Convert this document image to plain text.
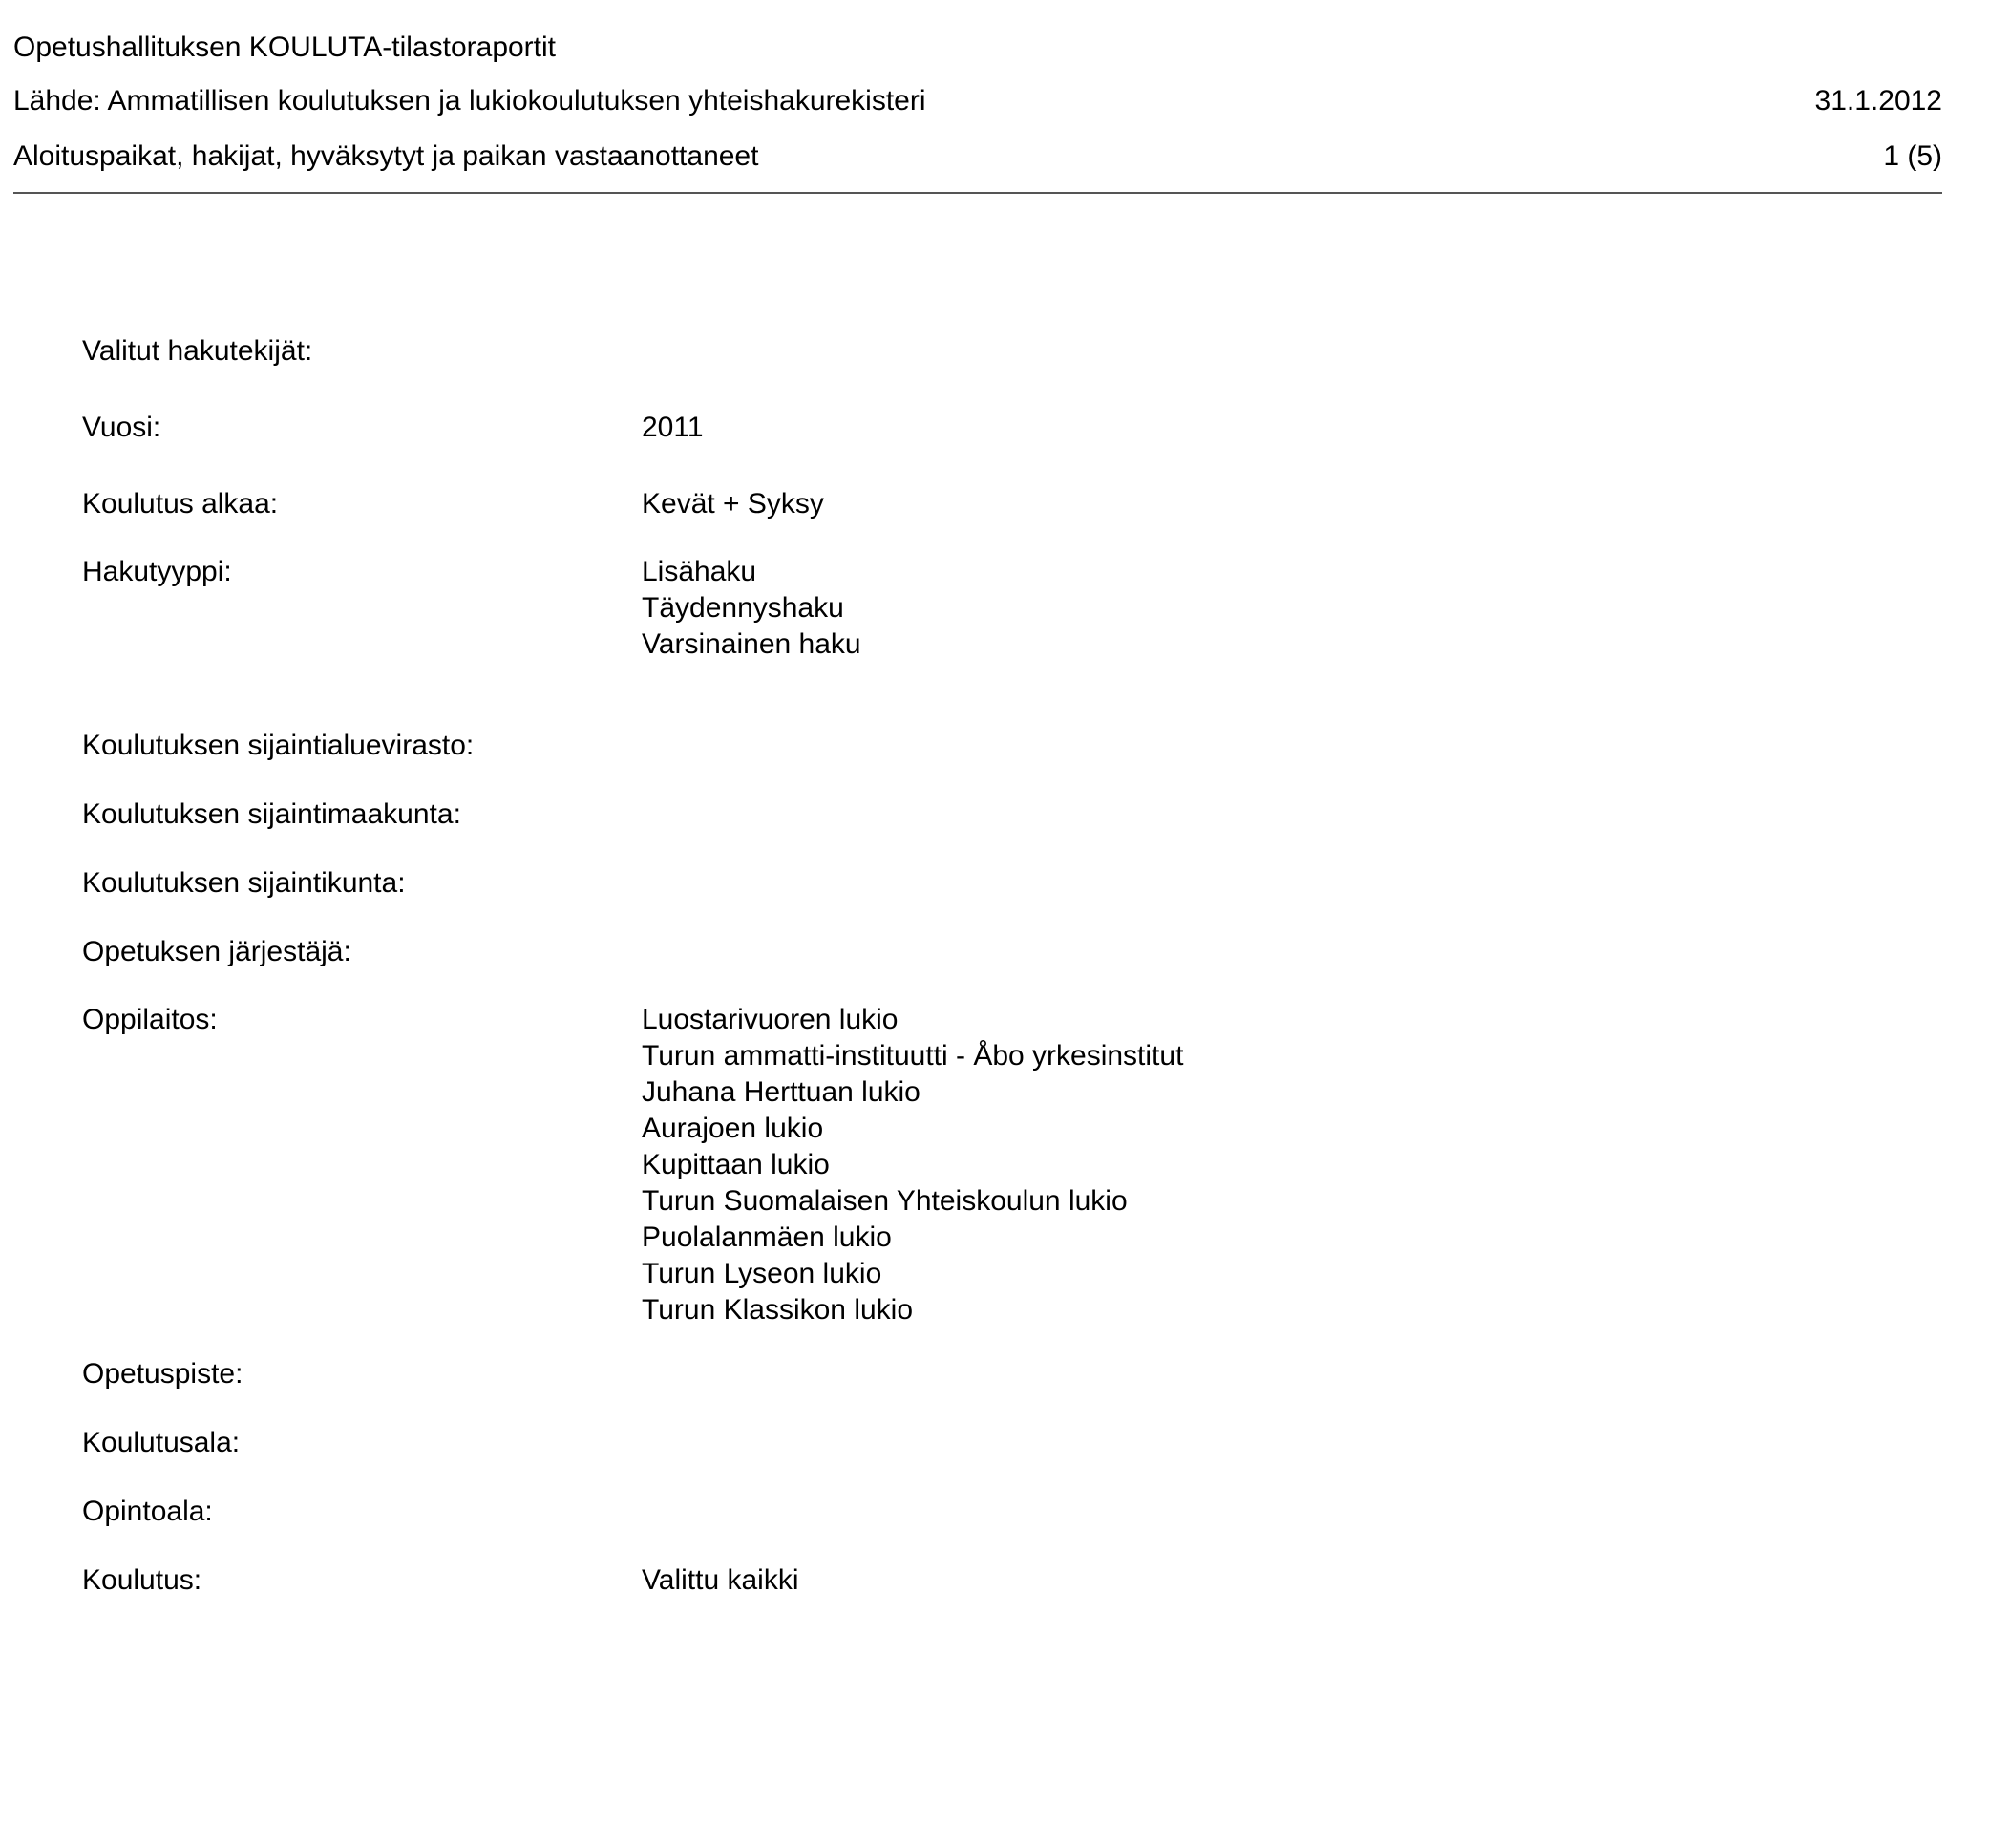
Opetushallituksen KOULUTA-tilastoraportit
Lähde: Ammatillisen koulutuksen ja lukiokoulutuksen yhteishakurekisteri	31.1.2012
Aloituspaikat, hakijat, hyväksytyt ja paikan vastaanottaneet	1 (5)
Valitut hakutekijät:
Vuosi:	2011
Koulutus alkaa:	Kevät + Syksy
Hakutyyppi:	Lisähaku
Täydennyshaku
Varsinainen haku
Koulutuksen sijaintialuevirasto:
Koulutuksen sijaintimaakunta:
Koulutuksen sijaintikunta:
Opetuksen järjestäjä:
Oppilaitos:	Luostarivuoren lukio
Turun ammatti-instituutti - Åbo yrkesinstitut
Juhana Herttuan lukio
Aurajoen lukio
Kupittaan lukio
Turun Suomalaisen Yhteiskoulun lukio
Puolalanmäen lukio
Turun Lyseon lukio
Turun Klassikon lukio
Opetuspiste:
Koulutusala:
Opintoala:
Koulutus:	Valittu kaikki
